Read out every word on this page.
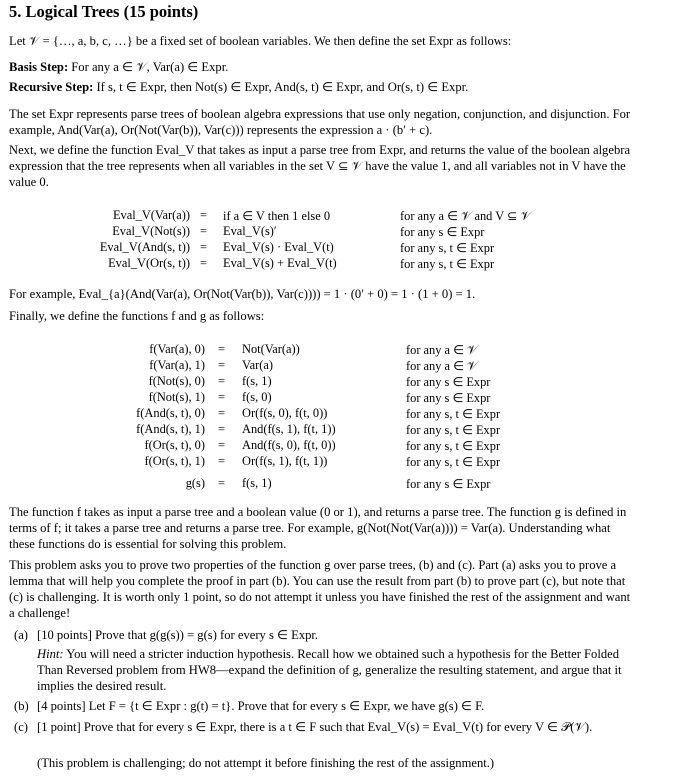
5. Logical Trees (15 points)
Let 𝒱 = {…, a, b, c, …} be a fixed set of boolean variables. We then define the set Expr as follows:
Basis Step: For any a ∈ 𝒱, Var(a) ∈ Expr.
Recursive Step: If s, t ∈ Expr, then Not(s) ∈ Expr, And(s, t) ∈ Expr, and Or(s, t) ∈ Expr.
The set Expr represents parse trees of boolean algebra expressions that use only negation, conjunction, and disjunction. For example, And(Var(a), Or(Not(Var(b)), Var(c))) represents the expression a · (b′ + c).
Next, we define the function Eval_V that takes as input a parse tree from Expr, and returns the value of the boolean algebra expression that the tree represents when all variables in the set V ⊆ 𝒱 have the value 1, and all variables not in V have the value 0.
Eval_V(Var(a)) = if a ∈ V then 1 else 0	for any a ∈ 𝒱 and V ⊆ 𝒱
Eval_V(Not(s)) = Eval_V(s)′	for any s ∈ Expr
Eval_V(And(s, t)) = Eval_V(s) · Eval_V(t)	for any s, t ∈ Expr
Eval_V(Or(s, t)) = Eval_V(s) + Eval_V(t)	for any s, t ∈ Expr
For example, Eval_{a}(And(Var(a), Or(Not(Var(b)), Var(c)))) = 1 · (0′ + 0) = 1 · (1 + 0) = 1.
Finally, we define the functions f and g as follows:
f(Var(a), 0) = Not(Var(a))	for any a ∈ 𝒱
f(Var(a), 1) = Var(a)	for any a ∈ 𝒱
f(Not(s), 0) = f(s, 1)	for any s ∈ Expr
f(Not(s), 1) = f(s, 0)	for any s ∈ Expr
f(And(s, t), 0) = Or(f(s, 0), f(t, 0))	for any s, t ∈ Expr
f(And(s, t), 1) = And(f(s, 1), f(t, 1))	for any s, t ∈ Expr
f(Or(s, t), 0) = And(f(s, 0), f(t, 0))	for any s, t ∈ Expr
f(Or(s, t), 1) = Or(f(s, 1), f(t, 1))	for any s, t ∈ Expr
g(s) = f(s, 1)	for any s ∈ Expr
The function f takes as input a parse tree and a boolean value (0 or 1), and returns a parse tree. The function g is defined in terms of f; it takes a parse tree and returns a parse tree. For example, g(Not(Not(Var(a)))) = Var(a). Understanding what these functions do is essential for solving this problem.
This problem asks you to prove two properties of the function g over parse trees, (b) and (c). Part (a) asks you to prove a lemma that will help you complete the proof in part (b). You can use the result from part (b) to prove part (c), but note that (c) is challenging. It is worth only 1 point, so do not attempt it unless you have finished the rest of the assignment and want a challenge!
(a) [10 points] Prove that g(g(s)) = g(s) for every s ∈ Expr.
Hint: You will need a stricter induction hypothesis. Recall how we obtained such a hypothesis for the Better Folded Than Reversed problem from HW8—expand the definition of g, generalize the resulting statement, and argue that it implies the desired result.
(b) [4 points] Let F = {t ∈ Expr : g(t) = t}. Prove that for every s ∈ Expr, we have g(s) ∈ F.
(c) [1 point] Prove that for every s ∈ Expr, there is a t ∈ F such that Eval_V(s) = Eval_V(t) for every V ∈ 𝒫(𝒱).
(This problem is challenging; do not attempt it before finishing the rest of the assignment.)
